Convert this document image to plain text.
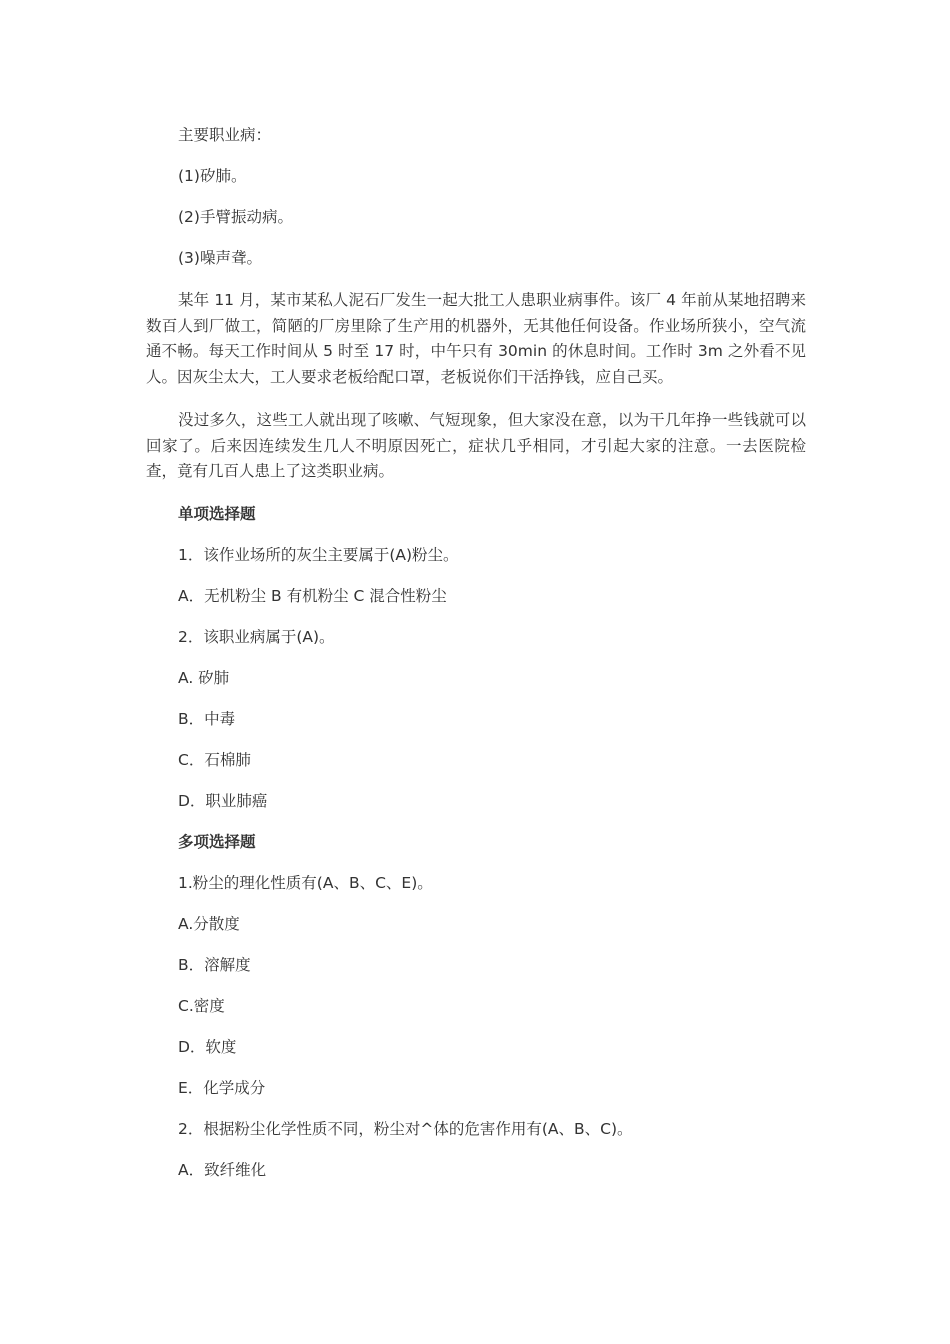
主要职业病：

(1)矽肺。

(2)手臂振动病。

(3)噪声聋。

某年 11 月，某市某私人泥石厂发生一起大批工人患职业病事件。该厂 4 年前从某地招聘来数百人到厂做工，简陋的厂房里除了生产用的机器外，无其他任何设备。作业场所狭小，空气流通不畅。每天工作时间从 5 时至 17 时，中午只有 30min 的休息时间。工作时 3m 之外看不见人。因灰尘太大，工人要求老板给配口罩，老板说你们干活挣钱，应自己买。

没过多久，这些工人就出现了咳嗽、气短现象，但大家没在意，以为干几年挣一些钱就可以回家了。后来因连续发生几人不明原因死亡，症状几乎相同，才引起大家的注意。一去医院检查，竟有几百人患上了这类职业病。

单项选择题

1．该作业场所的灰尘主要属于(A)粉尘。

A．无机粉尘 B 有机粉尘 C 混合性粉尘

2．该职业病属于(A)。

A. 矽肺

B．中毒

C．石棉肺

D．职业肺癌

多项选择题

1.粉尘的理化性质有(A、B、C、E)。

A.分散度

B．溶解度

C.密度

D．软度

E．化学成分

2．根据粉尘化学性质不同，粉尘对^体的危害作用有(A、B、C)。

A．致纤维化
